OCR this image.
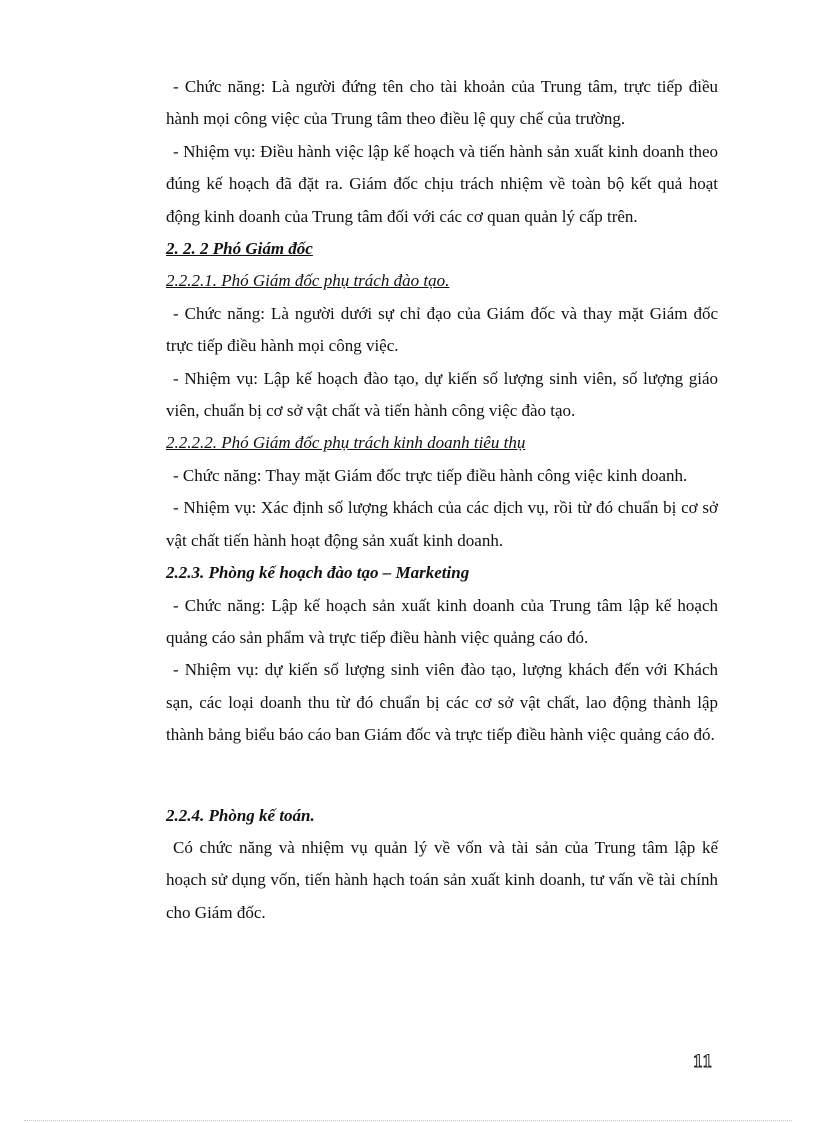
- Chức năng: Là người đứng tên cho tài khoản của Trung tâm, trực tiếp điều hành mọi công việc của Trung tâm theo điều lệ quy chế của trường.

- Nhiệm vụ: Điều hành việc lập kế hoạch và tiến hành sản xuất kinh doanh theo đúng kế hoạch đã đặt ra. Giám đốc chịu trách nhiệm về toàn bộ kết quả hoạt động kinh doanh của Trung tâm đối với các cơ quan quản lý cấp trên.

2. 2. 2 Phó Giám đốc

2.2.2.1. Phó Giám đốc phụ trách đào tạo.

- Chức năng: Là người dưới sự chỉ đạo của Giám đốc và thay mặt Giám đốc trực tiếp điều hành mọi công việc.

- Nhiệm vụ: Lập kế hoạch đào tạo, dự kiến số lượng sinh viên, số lượng giáo viên, chuẩn bị cơ sở vật chất và tiến hành công việc đào tạo.

2.2.2.2. Phó Giám đốc phụ trách kinh doanh tiêu thụ

- Chức năng: Thay mặt Giám đốc trực tiếp điều hành công việc kinh doanh.

- Nhiệm vụ: Xác định số lượng khách của các dịch vụ, rồi từ đó chuẩn bị cơ sở vật chất tiến hành hoạt động sản xuất kinh doanh.

2.2.3. Phòng kế hoạch đào tạo – Marketing

- Chức năng: Lập kế hoạch sản xuất kinh doanh của Trung tâm lập kế hoạch quảng cáo sản phẩm và trực tiếp điều hành việc quảng cáo đó.

- Nhiệm vụ: dự kiến số lượng sinh viên đào tạo, lượng khách đến với Khách sạn, các loại doanh thu từ đó chuẩn bị các cơ sở vật chất, lao động thành lập thành bảng biểu báo cáo ban Giám đốc và trực tiếp điều hành việc quảng cáo đó.

2.2.4. Phòng kế toán.

Có chức năng và nhiệm vụ quản lý về vốn và tài sản của Trung tâm lập kế hoạch sử dụng vốn, tiến hành hạch toán sản xuất kinh doanh, tư vấn về tài chính cho Giám đốc.

11
